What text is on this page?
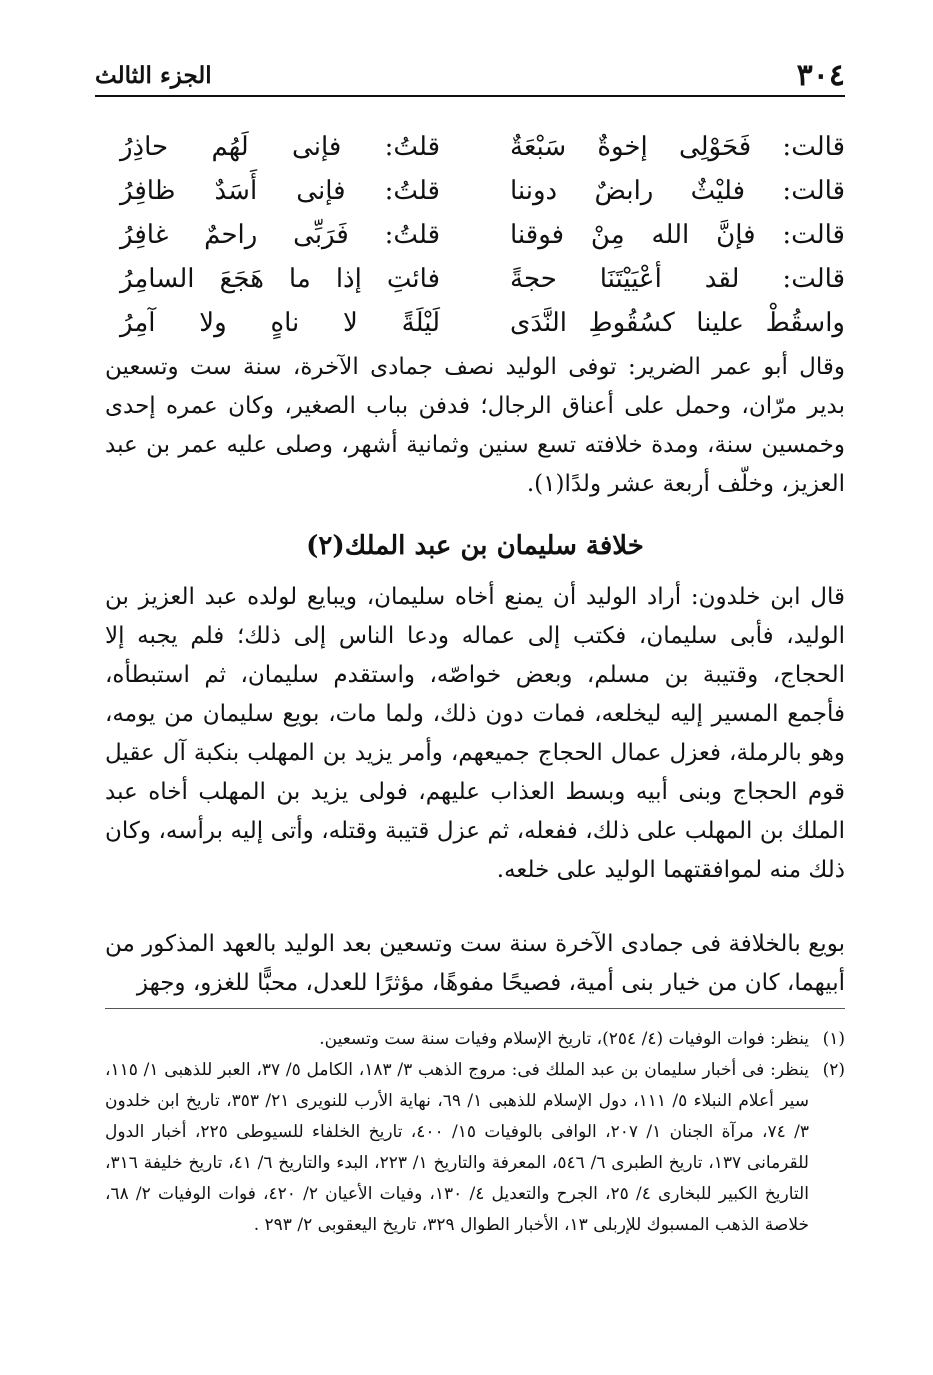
٣٠٤
الجزء الثالث
قالت: فَحَوْلِى إخوةٌ سَبْعَةٌ
قلتُ: فإنى لَهُم حاذِرُ
قالت: فليْثٌ رابضٌ دوننا
قلتُ: فإنى أَسَدٌ ظافِرُ
قالت: فإنَّ الله مِنْ فوقنا
قلتُ: فَرَبِّى راحمٌ غافِرُ
قالت: لقد أعْيَيْتَنَا حجةً
فائتِ إذا ما هَجَعَ السامِرُ
واسقُطْ علينا كسُقُوطِ النَّدَى
لَيْلَةً لا ناهٍ ولا آمِرُ

وقال أبو عمر الضرير: توفى الوليد نصف جمادى الآخرة، سنة ست وتسعين بدير مرّان، وحمل على أعناق الرجال؛ فدفن بباب الصغير، وكان عمره إحدى وخمسين سنة، ومدة خلافته تسع سنين وثمانية أشهر، وصلى عليه عمر بن عبد العزيز، وخلّف أربعة عشر ولدًا(١).

خلافة سليمان بن عبد الملك(٢)

قال ابن خلدون: أراد الوليد أن يمنع أخاه سليمان، ويبايع لولده عبد العزيز بن الوليد، فأبى سليمان، فكتب إلى عماله ودعا الناس إلى ذلك؛ فلم يجبه إلا الحجاج، وقتيبة بن مسلم، وبعض خواصّه، واستقدم سليمان، ثم استبطأه، فأجمع المسير إليه ليخلعه، فمات دون ذلك، ولما مات، بويع سليمان من يومه، وهو بالرملة، فعزل عمال الحجاج جميعهم، وأمر يزيد بن المهلب بنكبة آل عقيل قوم الحجاج وبنى أبيه وبسط العذاب عليهم، فولى يزيد بن المهلب أخاه عبد الملك بن المهلب على ذلك، ففعله، ثم عزل قتيبة وقتله، وأتى إليه برأسه، وكان ذلك منه لموافقتهما الوليد على خلعه.

بويع بالخلافة فى جمادى الآخرة سنة ست وتسعين بعد الوليد بالعهد المذكور من أبيهما، كان من خيار بنى أمية، فصيحًا مفوهًا، مؤثرًا للعدل، محبًّا للغزو، وجهز

(١)
ينظر: فوات الوفيات (٤/ ٢٥٤)، تاريخ الإسلام وفيات سنة ست وتسعين.
(٢)
ينظر: فى أخبار سليمان بن عبد الملك فى: مروج الذهب ٣/ ١٨٣، الكامل ٥/ ٣٧، العبر للذهبى ١/ ١١٥، سير أعلام النبلاء ٥/ ١١١، دول الإسلام للذهبى ١/ ٦٩، نهاية الأرب للنويرى ٢١/ ٣٥٣، تاريخ ابن خلدون ٣/ ٧٤، مرآة الجنان ١/ ٢٠٧، الوافى بالوفيات ١٥/ ٤٠٠، تاريخ الخلفاء للسيوطى ٢٢٥، أخبار الدول للقرمانى ١٣٧، تاريخ الطبرى ٦/ ٥٤٦، المعرفة والتاريخ ١/ ٢٢٣، البدء والتاريخ ٦/ ٤١، تاريخ خليفة ٣١٦، التاريخ الكبير للبخارى ٤/ ٢٥، الجرح والتعديل ٤/ ١٣٠، وفيات الأعيان ٢/ ٤٢٠، فوات الوفيات ٢/ ٦٨، خلاصة الذهب المسبوك للإربلى ١٣، الأخبار الطوال ٣٢٩، تاريخ اليعقوبى ٢/ ٢٩٣ .
